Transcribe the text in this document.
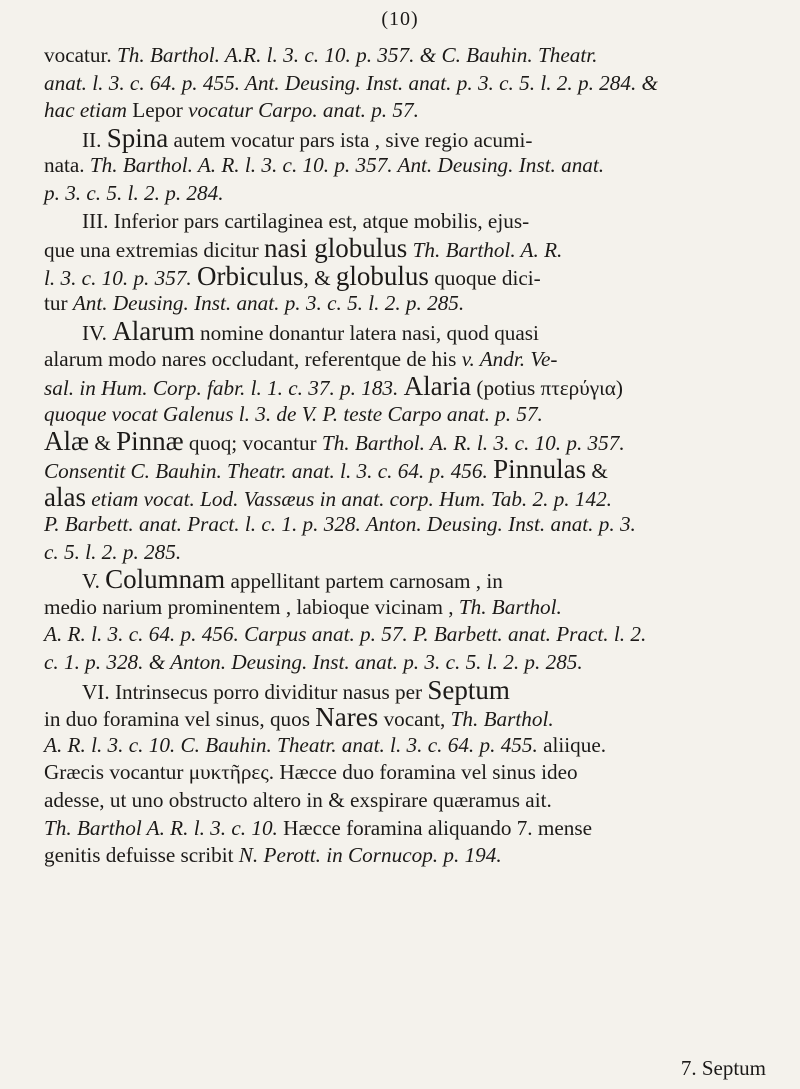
(10)
vocatur. Th. Barthol. A.R. l. 3. c. 10. p. 357. & C. Bauhin. Theatr.
anat. l. 3. c. 64. p. 455. Ant. Deusing. Inst. anat. p. 3. c. 5. l. 2. p. 284. &
hac etiam Lepor vocatur Carpo. anat. p. 57.
II. Spina autem vocatur pars ista , sive regio acumi-
nata. Th. Barthol. A. R. l. 3. c. 10. p. 357. Ant. Deusing. Inst. anat.
p. 3. c. 5. l. 2. p. 284.
III. Inferior pars cartilaginea est, atque mobilis, ejus-
que una extremias dicitur nasi globulus Th. Barthol. A. R.
l. 3. c. 10. p. 357. Orbiculus, & globulus quoque dici-
tur Ant. Deusing. Inst. anat. p. 3. c. 5. l. 2. p. 285.
IV. Alarum nomine donantur latera nasi, quod quasi
alarum modo nares occludant, referentque de his v. Andr. Ve-
sal. in Hum. Corp. fabr. l. 1. c. 37. p. 183. Alaria (potius πτερύγια)
quoque vocat Galenus l. 3. de V. P. teste Carpo anat. p. 57.
Alæ & Pinnæ quoq; vocantur Th. Barthol. A. R. l. 3. c. 10. p. 357.
Consentit C. Bauhin. Theatr. anat. l. 3. c. 64. p. 456. Pinnulas &
alas etiam vocat. Lod. Vassæus in anat. corp. Hum. Tab. 2. p. 142.
P. Barbett. anat. Pract. l. c. 1. p. 328. Anton. Deusing. Inst. anat. p. 3.
c. 5. l. 2. p. 285.
V. Columnam appellitant partem carnosam , in
medio narium prominentem , labioque vicinam , Th. Barthol.
A. R. l. 3. c. 64. p. 456. Carpus anat. p. 57. P. Barbett. anat. Pract. l. 2.
c. 1. p. 328. & Anton. Deusing. Inst. anat. p. 3. c. 5. l. 2. p. 285.
VI. Intrinsecus porro dividitur nasus per Septum
in duo foramina vel sinus, quos Nares vocant, Th. Barthol.
A. R. l. 3. c. 10. C. Bauhin. Theatr. anat. l. 3. c. 64. p. 455. aliique.
Græcis vocantur μυκτῆρες. Hæcce duo foramina vel sinus ideo
adesse, ut uno obstructo altero in & exspirare quæramus ait.
Th. Barthol A. R. l. 3. c. 10. Hæcce foramina aliquando 7. mense
genitis defuisse scribit N. Perott. in Cornucop. p. 194.
7. Septum
